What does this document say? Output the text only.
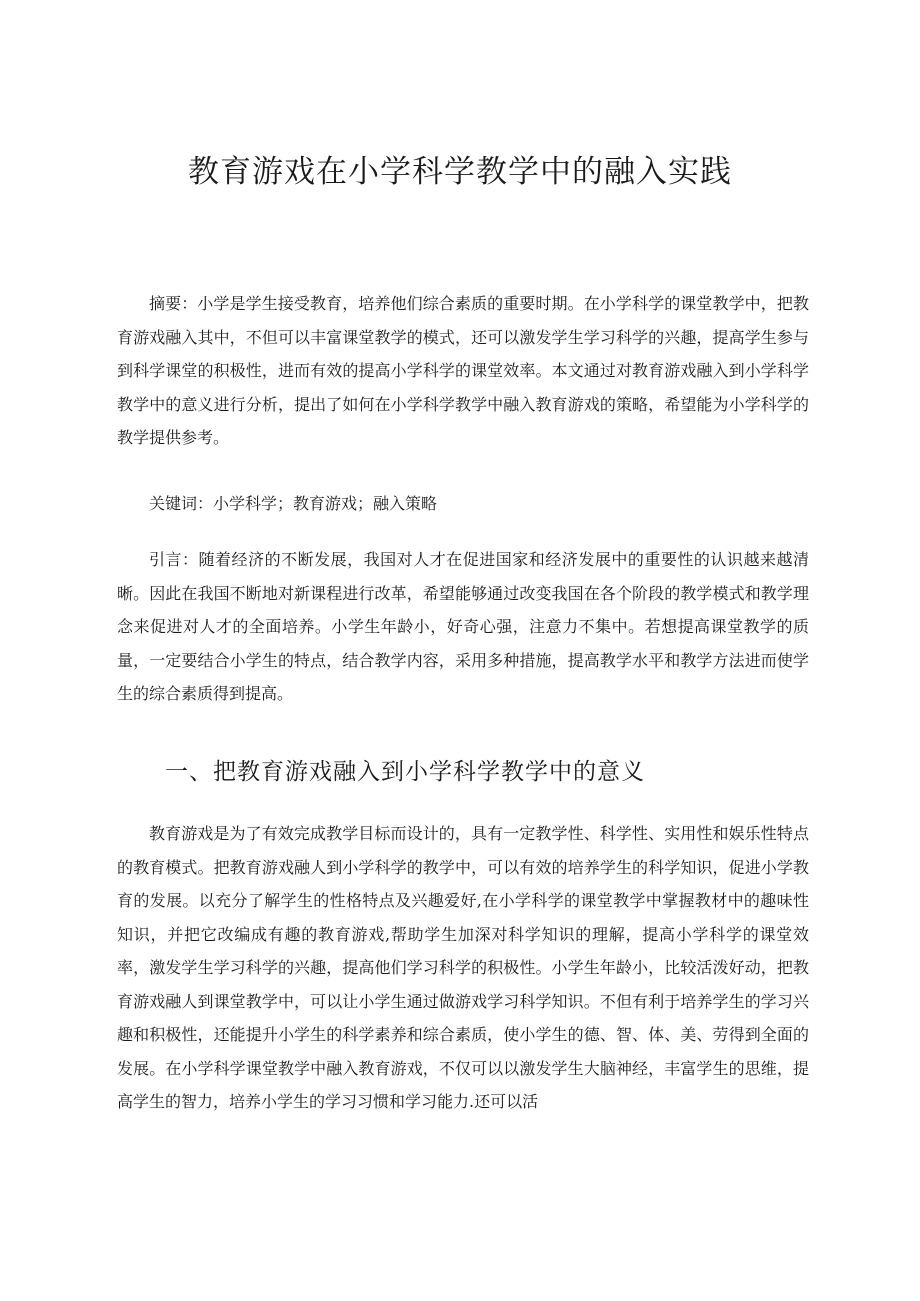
教育游戏在小学科学教学中的融入实践

摘要：小学是学生接受教育，培养他们综合素质的重要时期。在小学科学的课堂教学中，把教育游戏融入其中，不但可以丰富课堂教学的模式，还可以激发学生学习科学的兴趣，提高学生参与到科学课堂的积极性，进而有效的提高小学科学的课堂效率。本文通过对教育游戏融入到小学科学教学中的意义进行分析，提出了如何在小学科学教学中融入教育游戏的策略，希望能为小学科学的教学提供参考。

关键词：小学科学；教育游戏；融入策略

引言：随着经济的不断发展，我国对人才在促进国家和经济发展中的重要性的认识越来越清晰。因此在我国不断地对新课程进行改革，希望能够通过改变我国在各个阶段的教学模式和教学理念来促进对人才的全面培养。小学生年龄小，好奇心强，注意力不集中。若想提高课堂教学的质量，一定要结合小学生的特点，结合教学内容，采用多种措施，提高教学水平和教学方法进而使学生的综合素质得到提高。

一、把教育游戏融入到小学科学教学中的意义

教育游戏是为了有效完成教学目标而设计的，具有一定教学性、科学性、实用性和娱乐性特点的教育模式。把教育游戏融人到小学科学的教学中，可以有效的培养学生的科学知识，促进小学教育的发展。以充分了解学生的性格特点及兴趣爱好,在小学科学的课堂教学中掌握教材中的趣味性知识，并把它改编成有趣的教育游戏,帮助学生加深对科学知识的理解，提高小学科学的课堂效率，激发学生学习科学的兴趣，提高他们学习科学的积极性。小学生年龄小，比较活泼好动，把教育游戏融人到课堂教学中，可以让小学生通过做游戏学习科学知识。不但有利于培养学生的学习兴趣和积极性，还能提升小学生的科学素养和综合素质，使小学生的德、智、体、美、劳得到全面的发展。在小学科学课堂教学中融入教育游戏，不仅可以以激发学生大脑神经，丰富学生的思维，提高学生的智力，培养小学生的学习习惯和学习能力.还可以活
